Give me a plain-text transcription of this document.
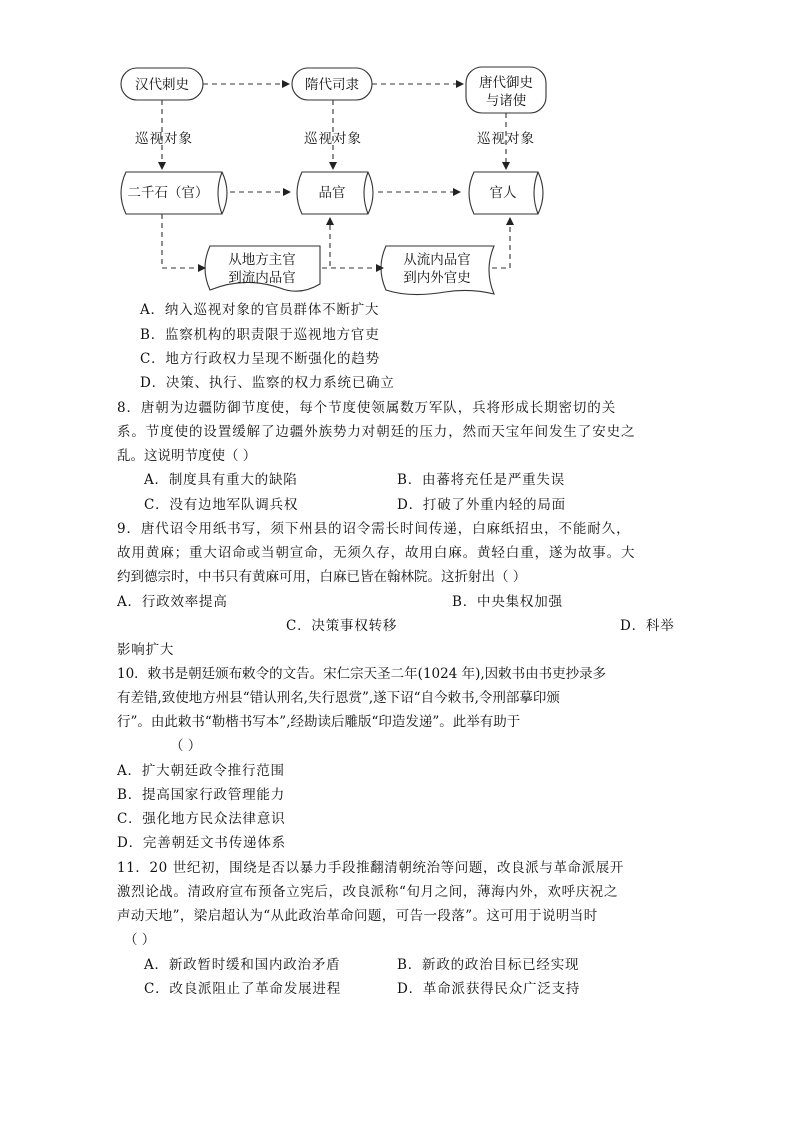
汉代刺史	隋代司隶	唐代御史
与诸使
二千石（官）	品官	官人
从地方主官
到流内品官
从流内品官
到内外官史
巡视对象	巡视对象	巡视对象
A．纳入巡视对象的官员群体不断扩大
B．监察机构的职责限于巡视地方官吏
C．地方行政权力呈现不断强化的趋势
D．决策、执行、监察的权力系统已确立
8．唐朝为边疆防御节度使，每个节度使领属数万军队，兵将形成长期密切的关
系。节度使的设置缓解了边疆外族势力对朝廷的压力，然而天宝年间发生了安史之
乱。这说明节度使（ ）
A．制度具有重大的缺陷	B．由蕃将充任是严重失误
C．没有边地军队调兵权	D．打破了外重内轻的局面
9．唐代诏令用纸书写，须下州县的诏令需长时间传递，白麻纸招虫，不能耐久，
故用黄麻；重大诏命或当朝宣命，无须久存，故用白麻。黄轻白重，遂为故事。大
约到德宗时，中书只有黄麻可用，白麻已皆在翰林院。这折射出（ ）
A．行政效率提高	B．中央集权加强
C．决策事权转移	D．科举
影响扩大
10．敕书是朝廷颁布敕令的文告。宋仁宗天圣二年(1024 年),因敕书由书吏抄录多
有差错,致使地方州县“错认刑名,失行恩赏”,遂下诏“自今敕书,令刑部摹印颁
行”。由此敕书“勒楷书写本”,经勘读后雕版“印造发递”。此举有助于
（ ）
A．扩大朝廷政令推行范围
B．提高国家行政管理能力
C．强化地方民众法律意识
D．完善朝廷文书传递体系
11．20 世纪初，围绕是否以暴力手段推翻清朝统治等问题，改良派与革命派展开
激烈论战。清政府宣布预备立宪后，改良派称“旬月之间，薄海内外，欢呼庆祝之
声动天地”，梁启超认为“从此政治革命问题，可告一段落”。这可用于说明当时
（ ）
A．新政暂时缓和国内政治矛盾	B．新政的政治目标已经实现
C．改良派阻止了革命发展进程	D．革命派获得民众广泛支持
